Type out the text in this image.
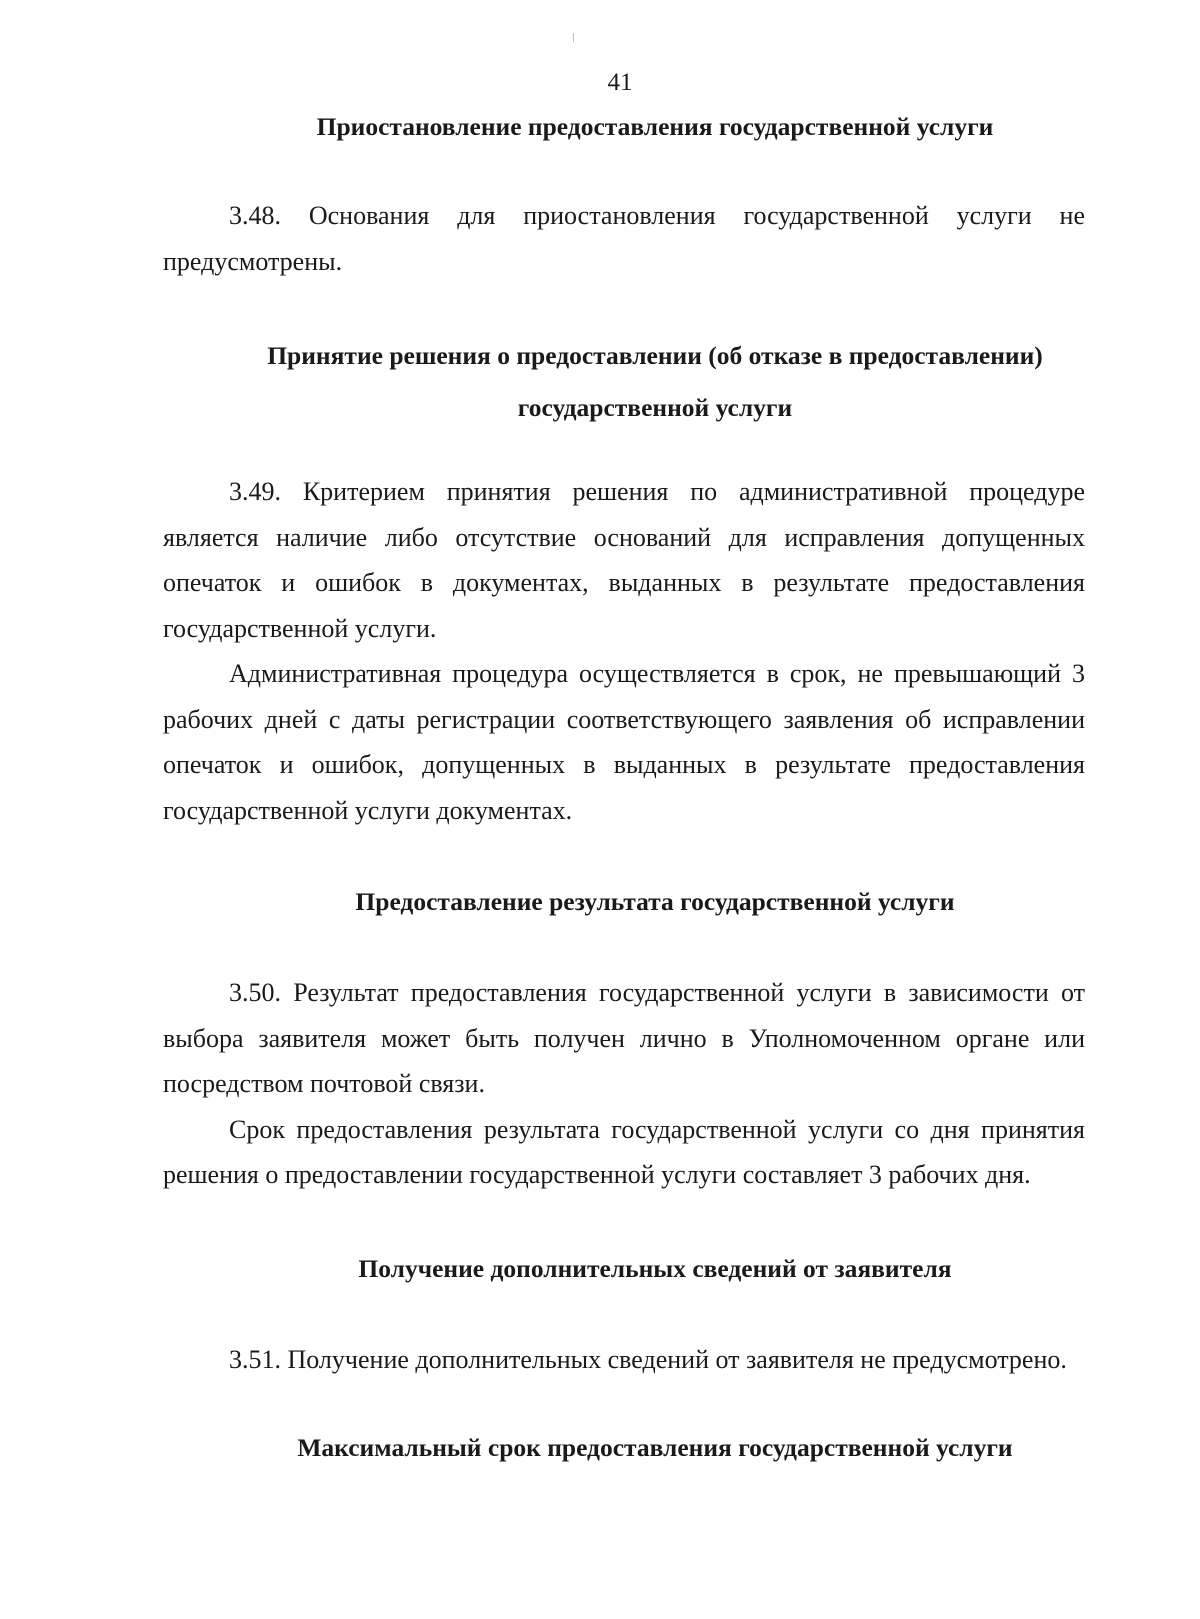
41
Приостановление предоставления государственной услуги

3.48. Основания для приостановления государственной услуги не предусмотрены.

Принятие решения о предоставлении (об отказе в предоставлении)
государственной услуги

3.49. Критерием принятия решения по административной процедуре является наличие либо отсутствие оснований для исправления допущенных опечаток и ошибок в документах, выданных в результате предоставления государственной услуги.

Административная процедура осуществляется в срок, не превышающий 3 рабочих дней с даты регистрации соответствующего заявления об исправлении опечаток и ошибок, допущенных в выданных в результате предоставления государственной услуги документах.

Предоставление результата государственной услуги

3.50. Результат предоставления государственной услуги в зависимости от выбора заявителя может быть получен лично в Уполномоченном органе или посредством почтовой связи.

Срок предоставления результата государственной услуги со дня принятия решения о предоставлении государственной услуги составляет 3 рабочих дня.

Получение дополнительных сведений от заявителя

3.51. Получение дополнительных сведений от заявителя не предусмотрено.

Максимальный срок предоставления государственной услуги
